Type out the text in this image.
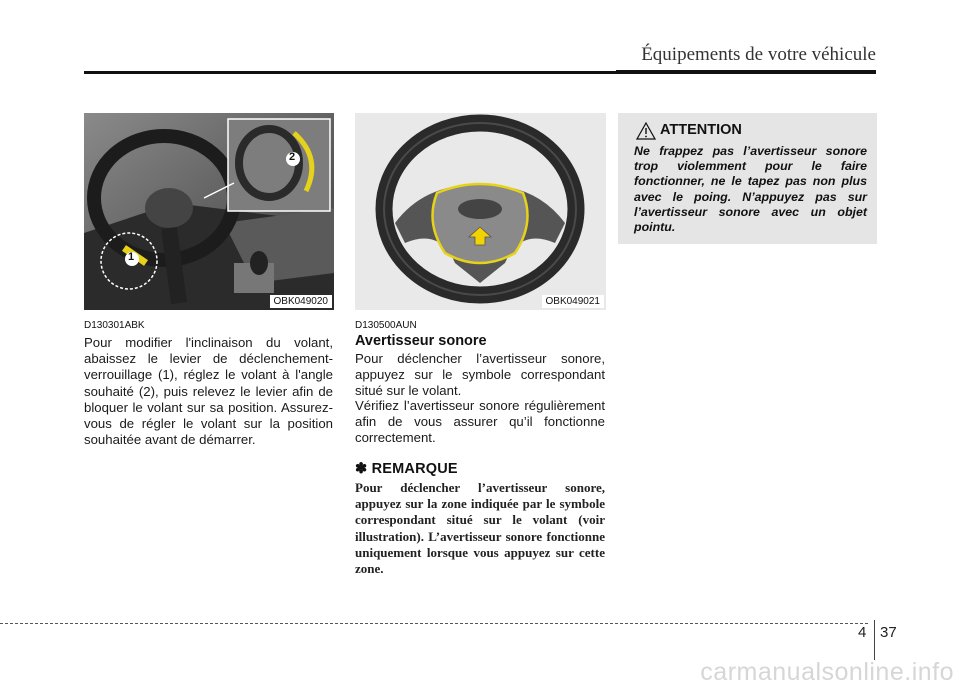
Équipements de votre véhicule
1
2
OBK049020
D130301ABK
Pour modifier l'inclinaison du volant, abaissez le levier de déclenchement-verrouillage (1), réglez le volant à l'angle souhaité (2), puis relevez le levier afin de bloquer le volant sur sa position. Assurez-vous de régler le volant sur la position souhaitée avant de démarrer.
OBK049021
D130500AUN
Avertisseur sonore
Pour déclencher l’avertisseur sonore, appuyez sur le symbole correspondant situé sur le volant.
Vérifiez l’avertisseur sonore régulièrement afin de vous assurer qu’il fonctionne correctement.
✽ REMARQUE
Pour déclencher l’avertisseur sonore, appuyez sur la zone indiquée par le symbole correspondant situé sur le volant (voir illustration). L’avertisseur sonore fonctionne uniquement lorsque vous appuyez sur cette zone.
ATTENTION
Ne frappez pas l’avertisseur sonore trop violemment pour le faire fonctionner, ne le tapez pas non plus avec le poing. N’appuyez pas sur l’avertisseur sonore avec un objet pointu.
4 37
carmanualsonline.info
